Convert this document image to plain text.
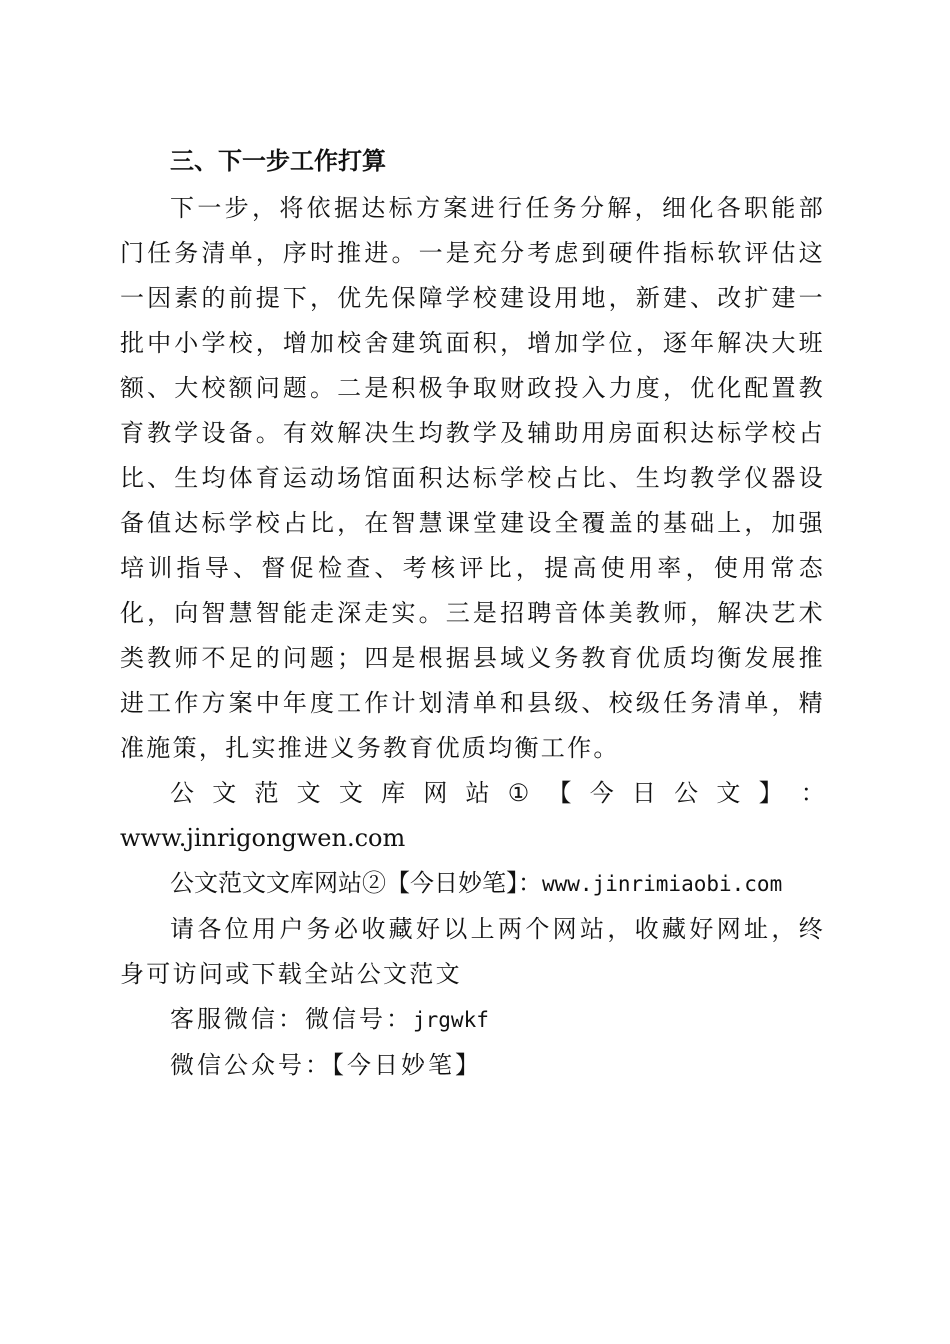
三、下一步工作打算

下一步，将依据达标方案进行任务分解，细化各职能部门任务清单，序时推进。一是充分考虑到硬件指标软评估这一因素的前提下，优先保障学校建设用地，新建、改扩建一批中小学校，增加校舍建筑面积，增加学位，逐年解决大班额、大校额问题。二是积极争取财政投入力度，优化配置教育教学设备。有效解决生均教学及辅助用房面积达标学校占比、生均体育运动场馆面积达标学校占比、生均教学仪器设备值达标学校占比，在智慧课堂建设全覆盖的基础上，加强培训指导、督促检查、考核评比，提高使用率，使用常态化，向智慧智能走深走实。三是招聘音体美教师，解决艺术类教师不足的问题；四是根据县域义务教育优质均衡发展推进工作方案中年度工作计划清单和县级、校级任务清单，精准施策，扎实推进义务教育优质均衡工作。

公 文 范 文 文 库 网 站 ① 【 今 日 公 文 】 ：
www.jinrigongwen.com

公文范文文库网站②【今日妙笔】：www.jinrimiaobi.com

请各位用户务必收藏好以上两个网站，收藏好网址，终身可访问或下载全站公文范文

客服微信：微信号：jrgwkf

微信公众号：【今日妙笔】
